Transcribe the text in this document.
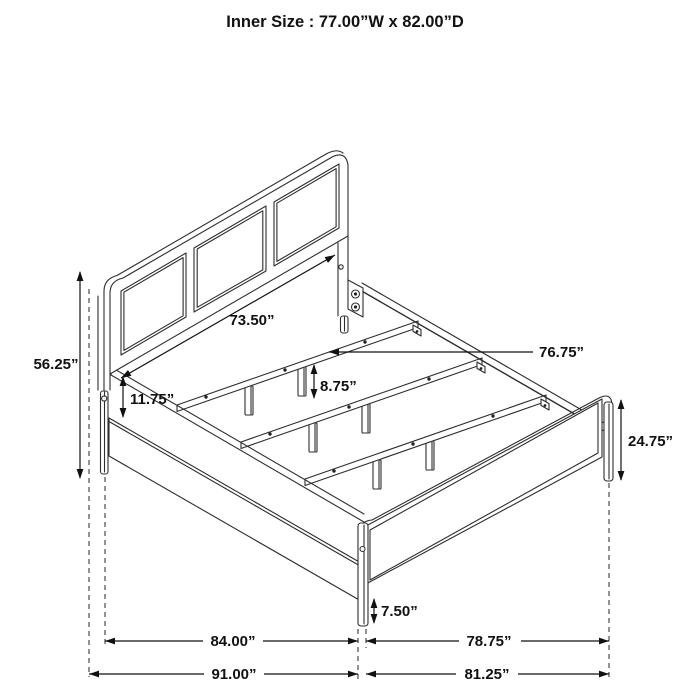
Inner Size : 77.00”W x 82.00”D
56.25”
73.50”
11.75”
8.75”
76.75”
24.75”
7.50”
84.00”	78.75”
91.00”	81.25”
